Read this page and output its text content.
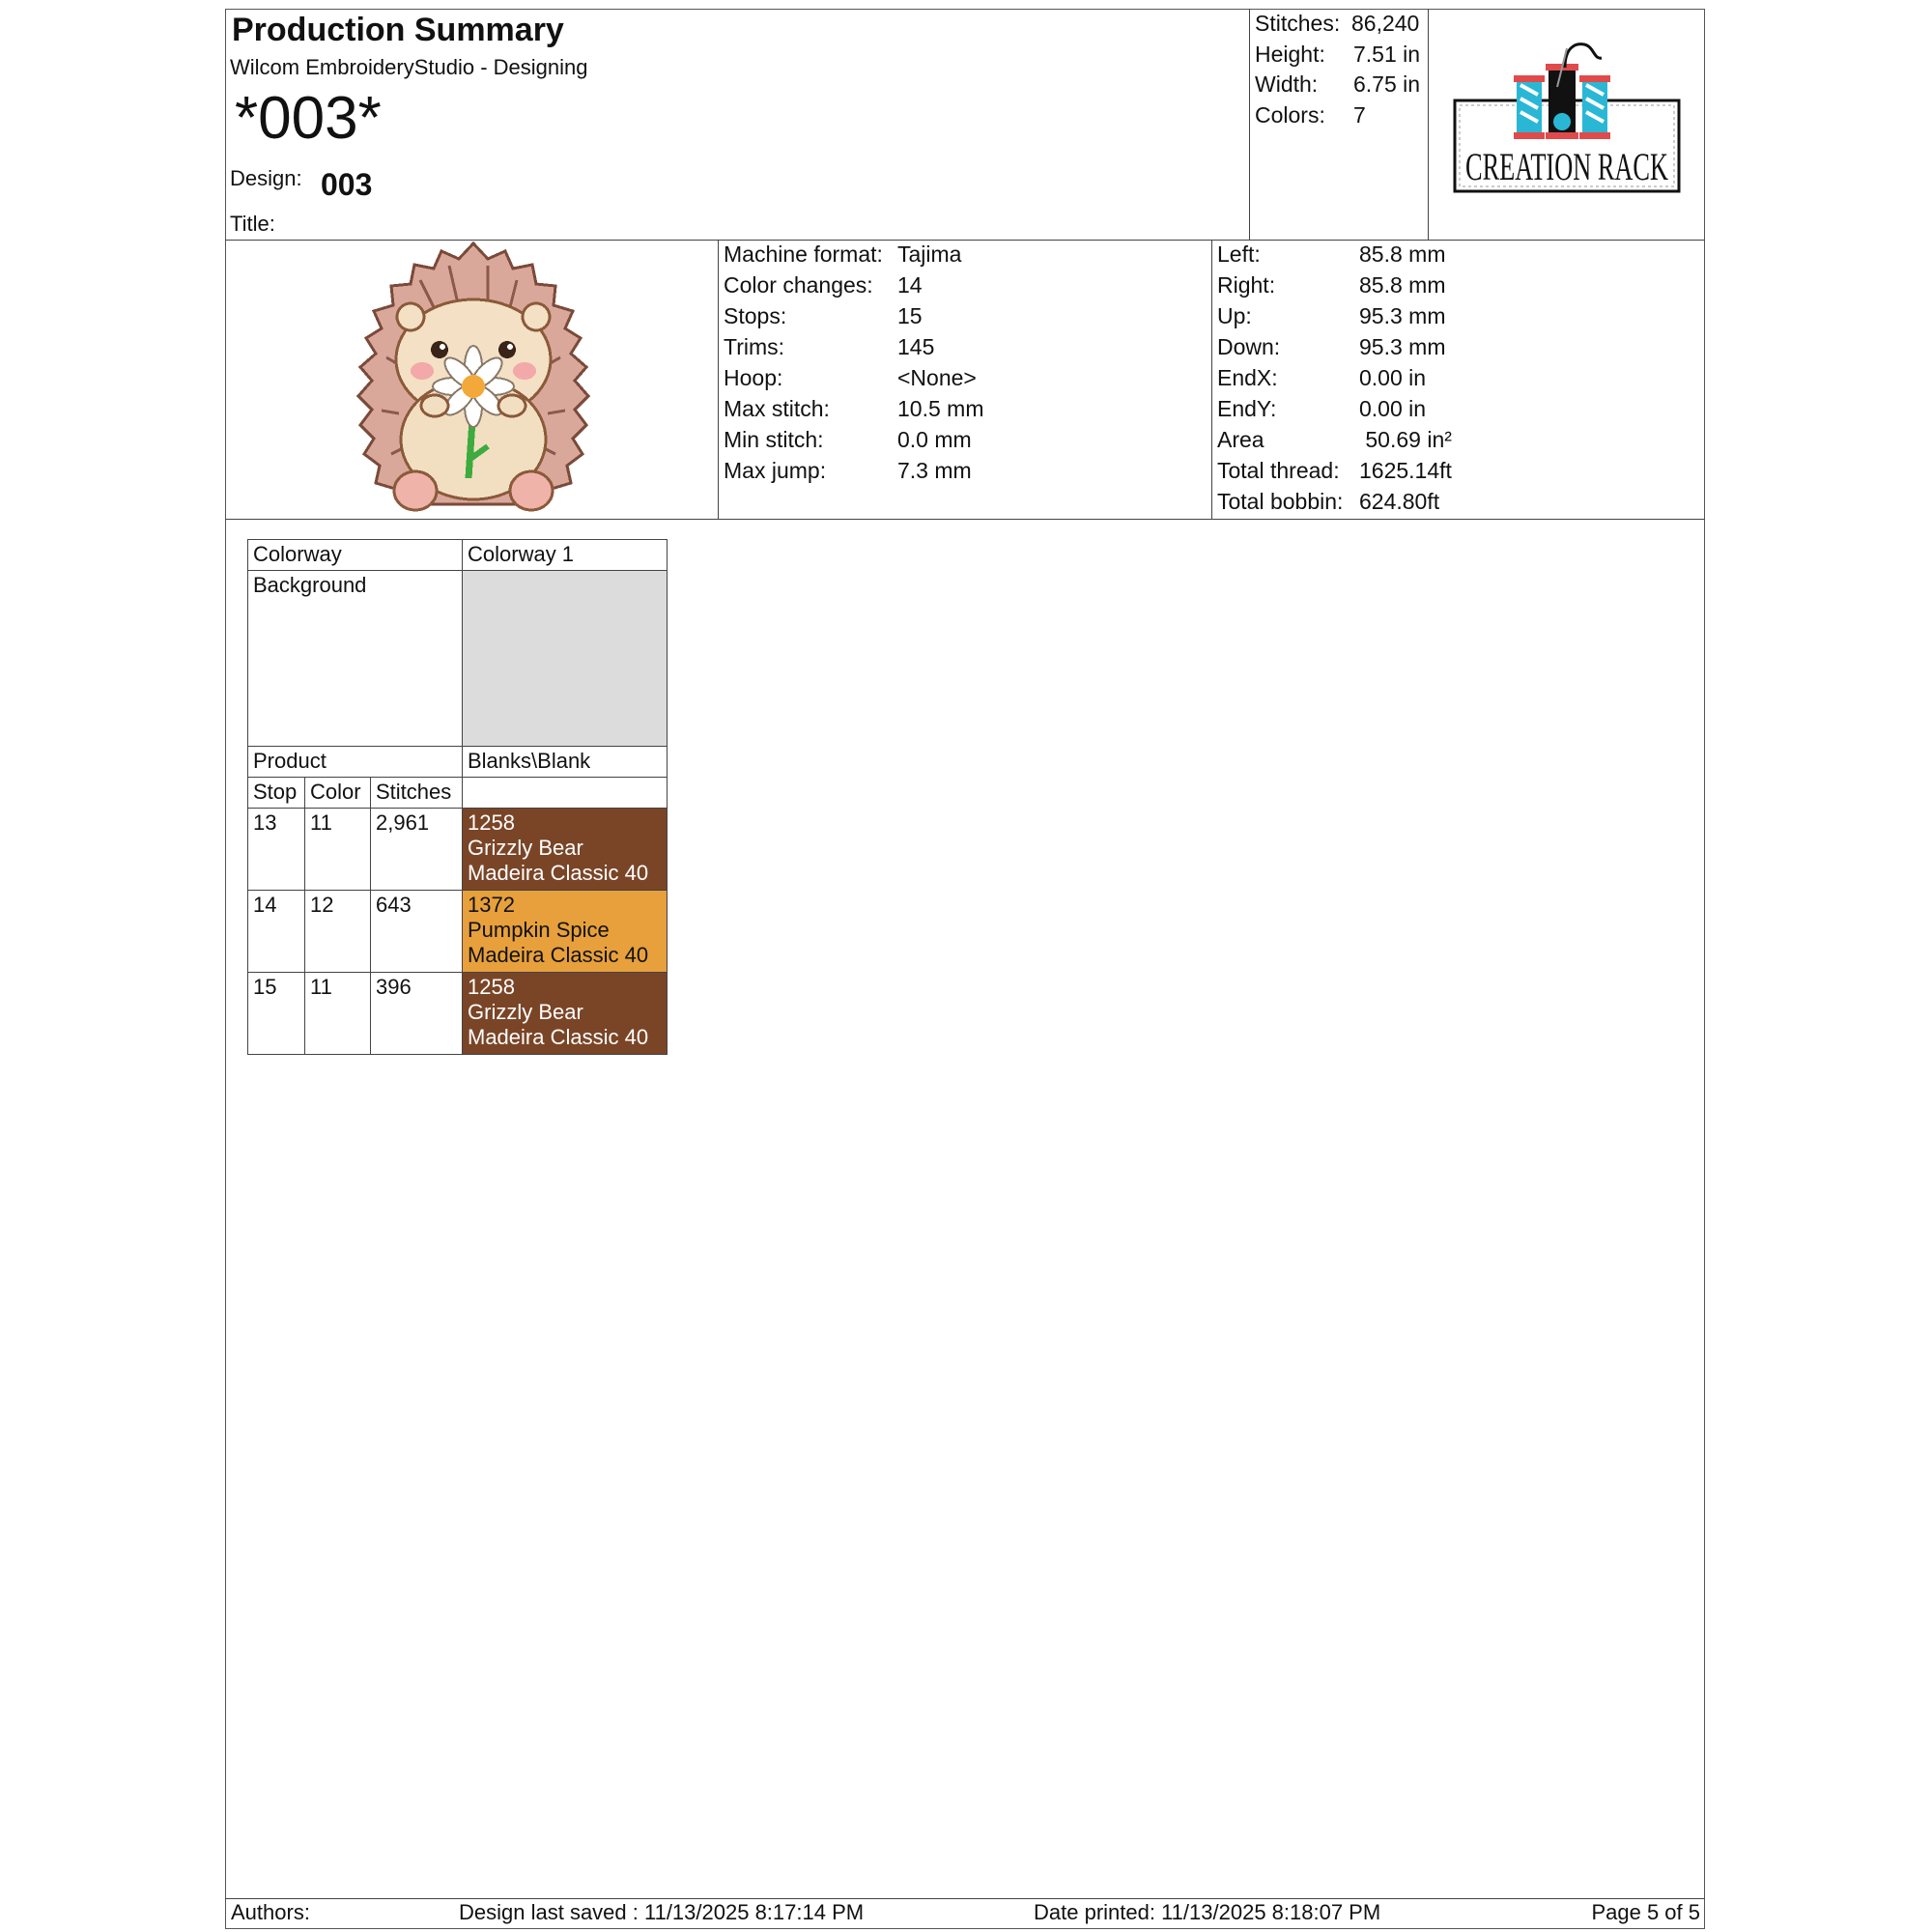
Production Summary
Wilcom EmbroideryStudio - Designing
*003*
Design: 003
Title:
Stitches: 86,240
Height: 7.51 in
Width: 6.75 in
Colors: 7
CREATION RACK
Machine format: Tajima
Color changes: 14
Stops:	15
Trims:	145
Hoop:	<None>
Max stitch:	10.5 mm
Min stitch:	0.0 mm
Max jump:	7.3 mm
Left:	85.8 mm
Right:	85.8 mm
Up:	95.3 mm
Down:	95.3 mm
EndX:	0.00 in
EndY:	0.00 in
Area	50.69 in²
Total thread: 1625.14ft
Total bobbin: 624.80ft
Colorway			Colorway 1
Background			
Product			Blanks\Blank
Stop	Color	Stitches	
13	11	2,961	1258
Grizzly Bear
Madeira Classic 40

14	12	643	1372
Pumpkin Spice
Madeira Classic 40

15	11	396	1258
Grizzly Bear
Madeira Classic 40
Authors:	Design last saved : 11/13/2025 8:17:14 PM	Date printed: 11/13/2025 8:18:07 PM	Page 5 of 5
